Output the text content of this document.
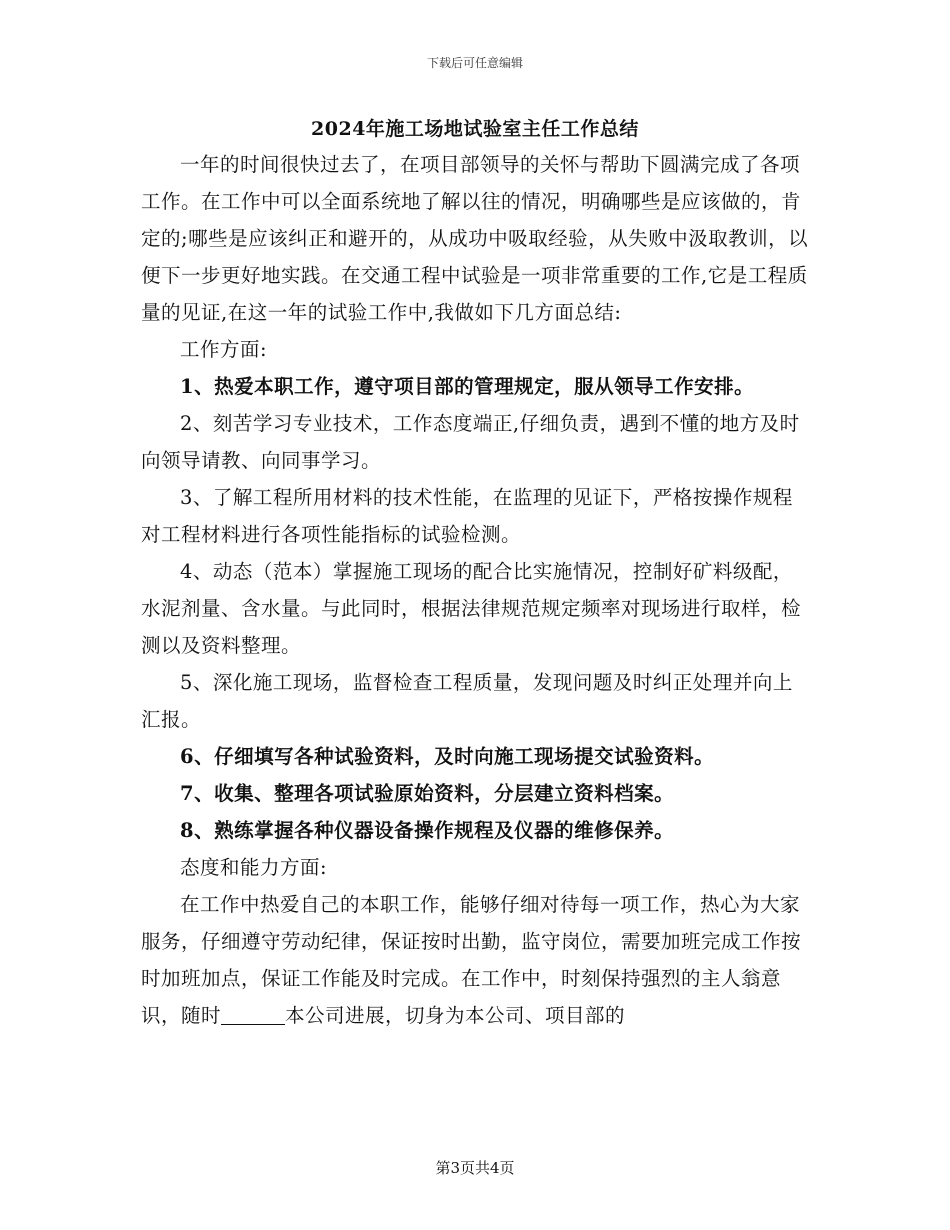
下载后可任意编辑
2024年施工场地试验室主任工作总结

一年的时间很快过去了，在项目部领导的关怀与帮助下圆满完成了各项工作。在工作中可以全面系统地了解以往的情况，明确哪些是应该做的，肯定的;哪些是应该纠正和避开的，从成功中吸取经验，从失败中汲取教训，以便下一步更好地实践。在交通工程中试验是一项非常重要的工作,它是工程质量的见证,在这一年的试验工作中,我做如下几方面总结:

工作方面:

1、热爱本职工作，遵守项目部的管理规定，服从领导工作安排。

2、刻苦学习专业技术，工作态度端正,仔细负责，遇到不懂的地方及时向领导请教、向同事学习。

3、了解工程所用材料的技术性能，在监理的见证下，严格按操作规程对工程材料进行各项性能指标的试验检测。

4、动态（范本）掌握施工现场的配合比实施情况，控制好矿料级配，水泥剂量、含水量。与此同时，根据法律规范规定频率对现场进行取样，检测以及资料整理。

5、深化施工现场，监督检查工程质量，发现问题及时纠正处理并向上汇报。

6、仔细填写各种试验资料，及时向施工现场提交试验资料。

7、收集、整理各项试验原始资料，分层建立资料档案。

8、熟练掌握各种仪器设备操作规程及仪器的维修保养。

态度和能力方面:

在工作中热爱自己的本职工作，能够仔细对待每一项工作，热心为大家服务，仔细遵守劳动纪律，保证按时出勤，监守岗位，需要加班完成工作按时加班加点，保证工作能及时完成。在工作中，时刻保持强烈的主人翁意识，随时	本公司进展，切身为本公司、项目部的

第3页共4页
